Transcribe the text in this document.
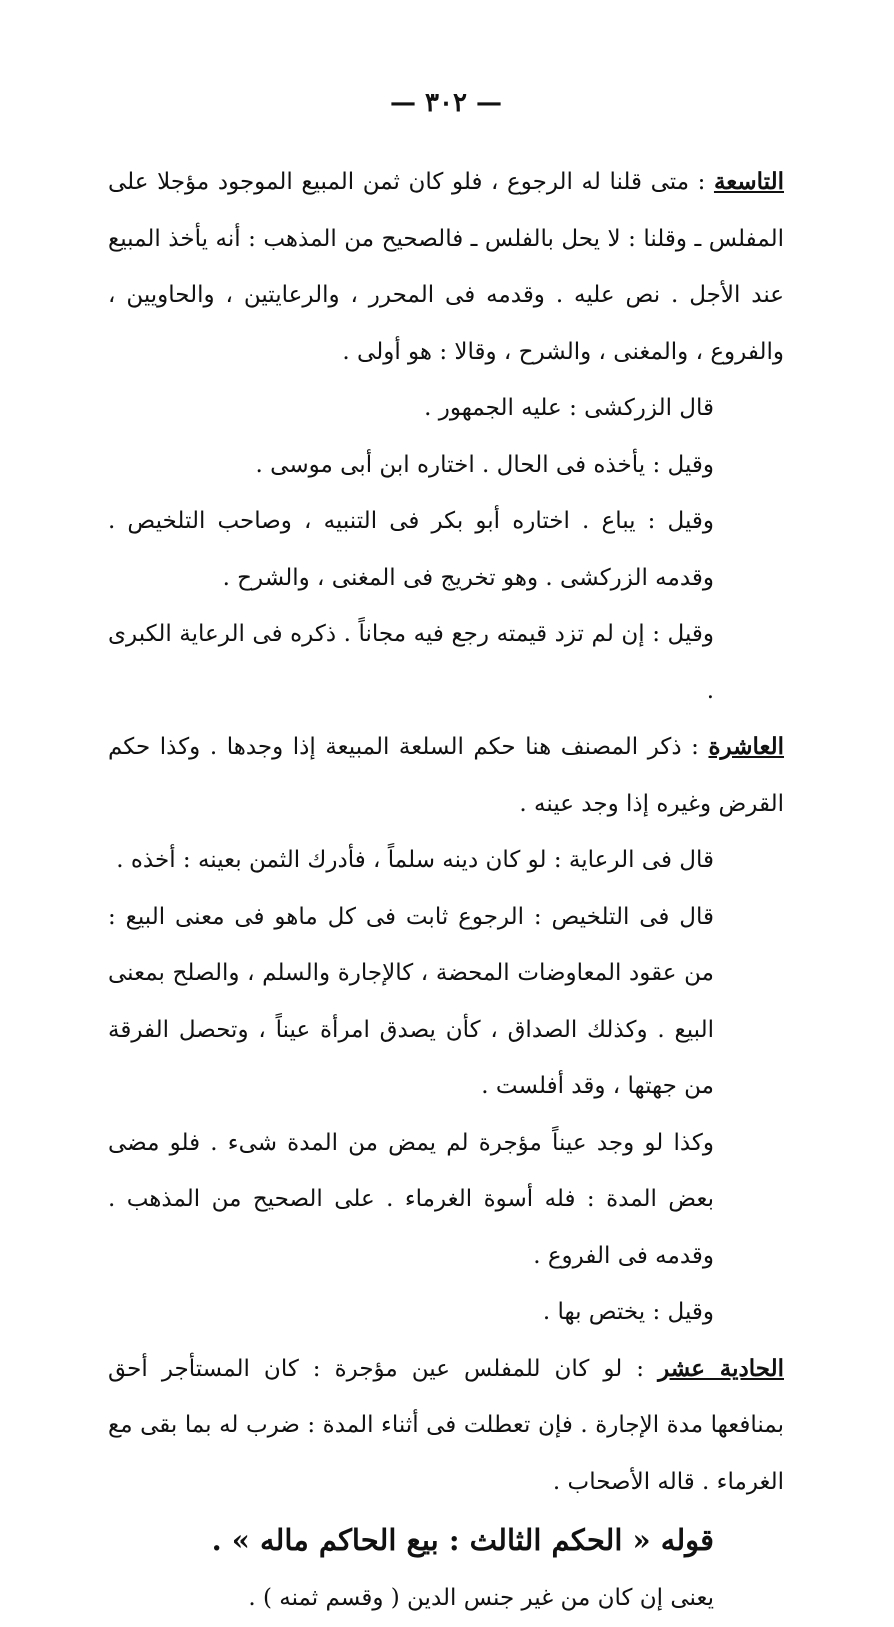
— ٣٠٢ —

التاسعة : متى قلنا له الرجوع ، فلو كان ثمن المبيع الموجود مؤجلا على المفلس ـ وقلنا : لا يحل بالفلس ـ فالصحيح من المذهب : أنه يأخذ المبيع عند الأجل . نص عليه . وقدمه فى المحرر ، والرعايتين ، والحاويين ، والفروع ، والمغنى ، والشرح ، وقالا : هو أولى .

قال الزركشى : عليه الجمهور .

وقيل : يأخذه فى الحال . اختاره ابن أبى موسى .

وقيل : يباع . اختاره أبو بكر فى التنبيه ، وصاحب التلخيص . وقدمه الزركشى . وهو تخريج فى المغنى ، والشرح .

وقيل : إن لم تزد قيمته رجع فيه مجاناً . ذكره فى الرعاية الكبرى .

العاشرة : ذكر المصنف هنا حكم السلعة المبيعة إذا وجدها . وكذا حكم القرض وغيره إذا وجد عينه .

قال فى الرعاية : لو كان دينه سلماً ، فأدرك الثمن بعينه : أخذه .

قال فى التلخيص : الرجوع ثابت فى كل ماهو فى معنى البيع : من عقود المعاوضات المحضة ، كالإجارة والسلم ، والصلح بمعنى البيع . وكذلك الصداق ، كأن يصدق امرأة عيناً ، وتحصل الفرقة من جهتها ، وقد أفلست .

وكذا لو وجد عيناً مؤجرة لم يمض من المدة شىء . فلو مضى بعض المدة : فله أسوة الغرماء . على الصحيح من المذهب . وقدمه فى الفروع .

وقيل : يختص بها .

الحادية عشر : لو كان للمفلس عين مؤجرة : كان المستأجر أحق بمنافعها مدة الإجارة . فإن تعطلت فى أثناء المدة : ضرب له بما بقى مع الغرماء . قاله الأصحاب .

قوله « الحكم الثالث : بيع الحاكم ماله » .

يعنى إن كان من غير جنس الدين ( وقسم ثمنه ) .
